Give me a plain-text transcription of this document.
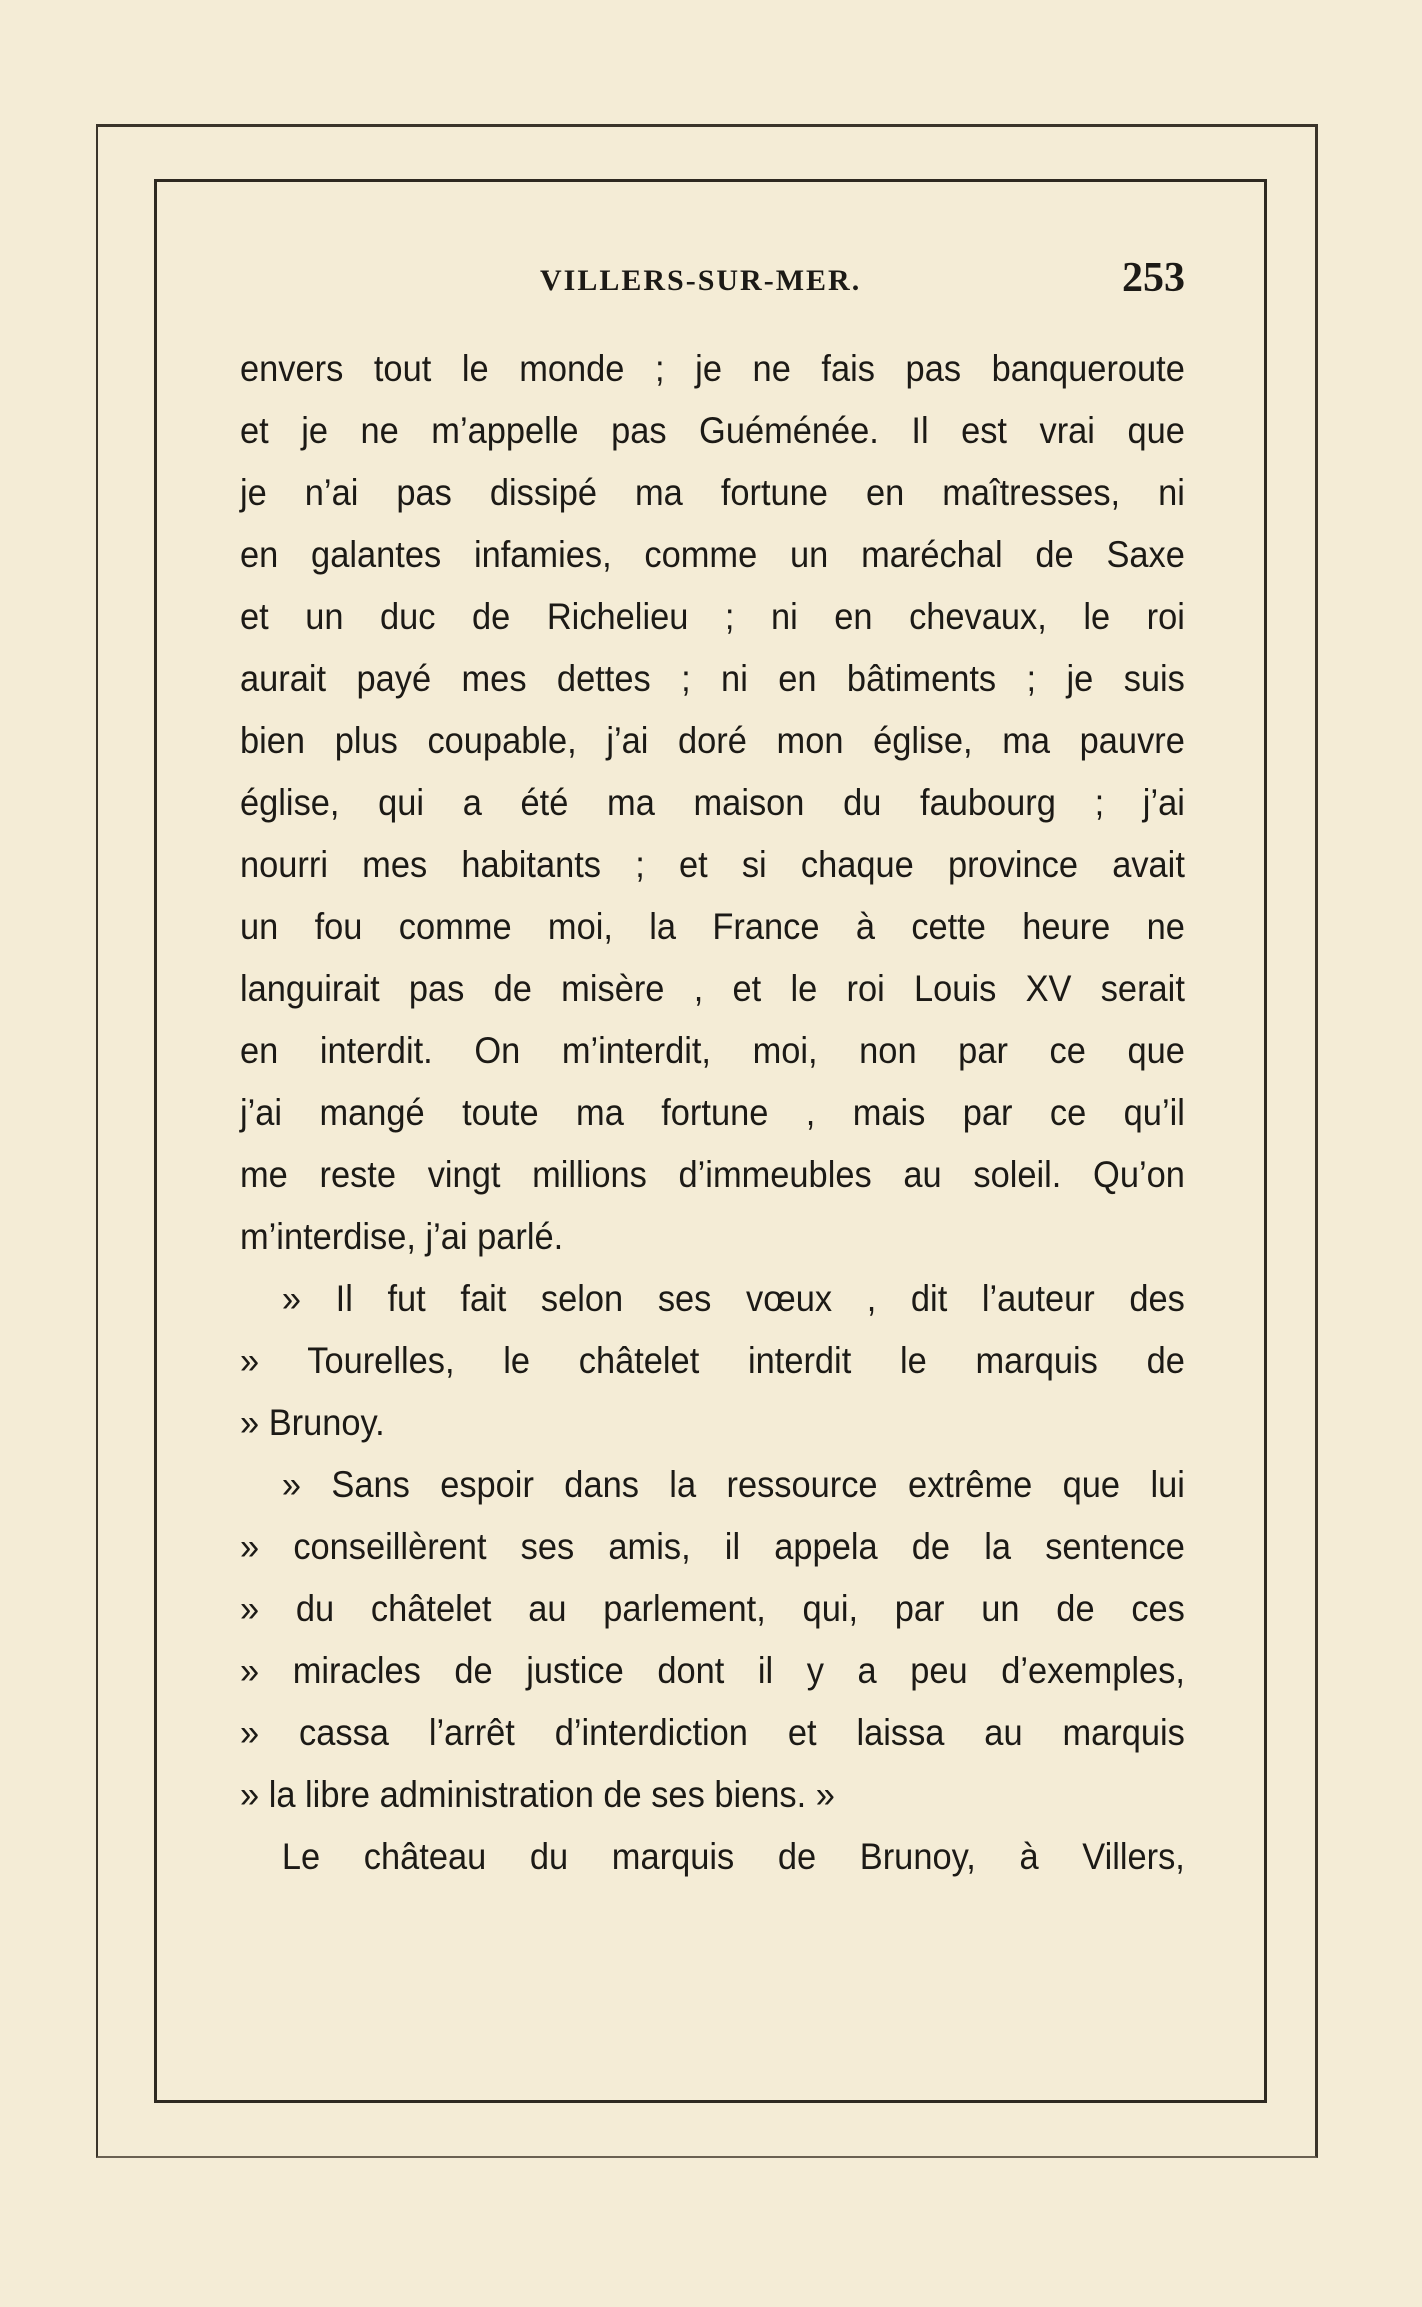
VILLERS-SUR-MER.	253
envers tout le monde ; je ne fais pas banqueroute
et je ne m’appelle pas Guéménée. Il est vrai que
je n’ai pas dissipé ma fortune en maîtresses, ni
en galantes infamies, comme un maréchal de Saxe
et un duc de Richelieu ; ni en chevaux, le roi
aurait payé mes dettes ; ni en bâtiments ; je suis
bien plus coupable, j’ai doré mon église, ma pauvre
église, qui a été ma maison du faubourg ; j’ai
nourri mes habitants ; et si chaque province avait
un fou comme moi, la France à cette heure ne
languirait pas de misère , et le roi Louis XV serait
en interdit. On m’interdit, moi, non par ce que
j’ai mangé toute ma fortune , mais par ce qu’il
me reste vingt millions d’immeubles au soleil. Qu’on
m’interdise, j’ai parlé.
» Il fut fait selon ses vœux , dit l’auteur des
» Tourelles, le châtelet interdit le marquis de
» Brunoy.
» Sans espoir dans la ressource extrême que lui
» conseillèrent ses amis, il appela de la sentence
» du châtelet au parlement, qui, par un de ces
» miracles de justice dont il y a peu d’exemples,
» cassa l’arrêt d’interdiction et laissa au marquis
» la libre administration de ses biens. »
Le château du marquis de Brunoy, à Villers,
